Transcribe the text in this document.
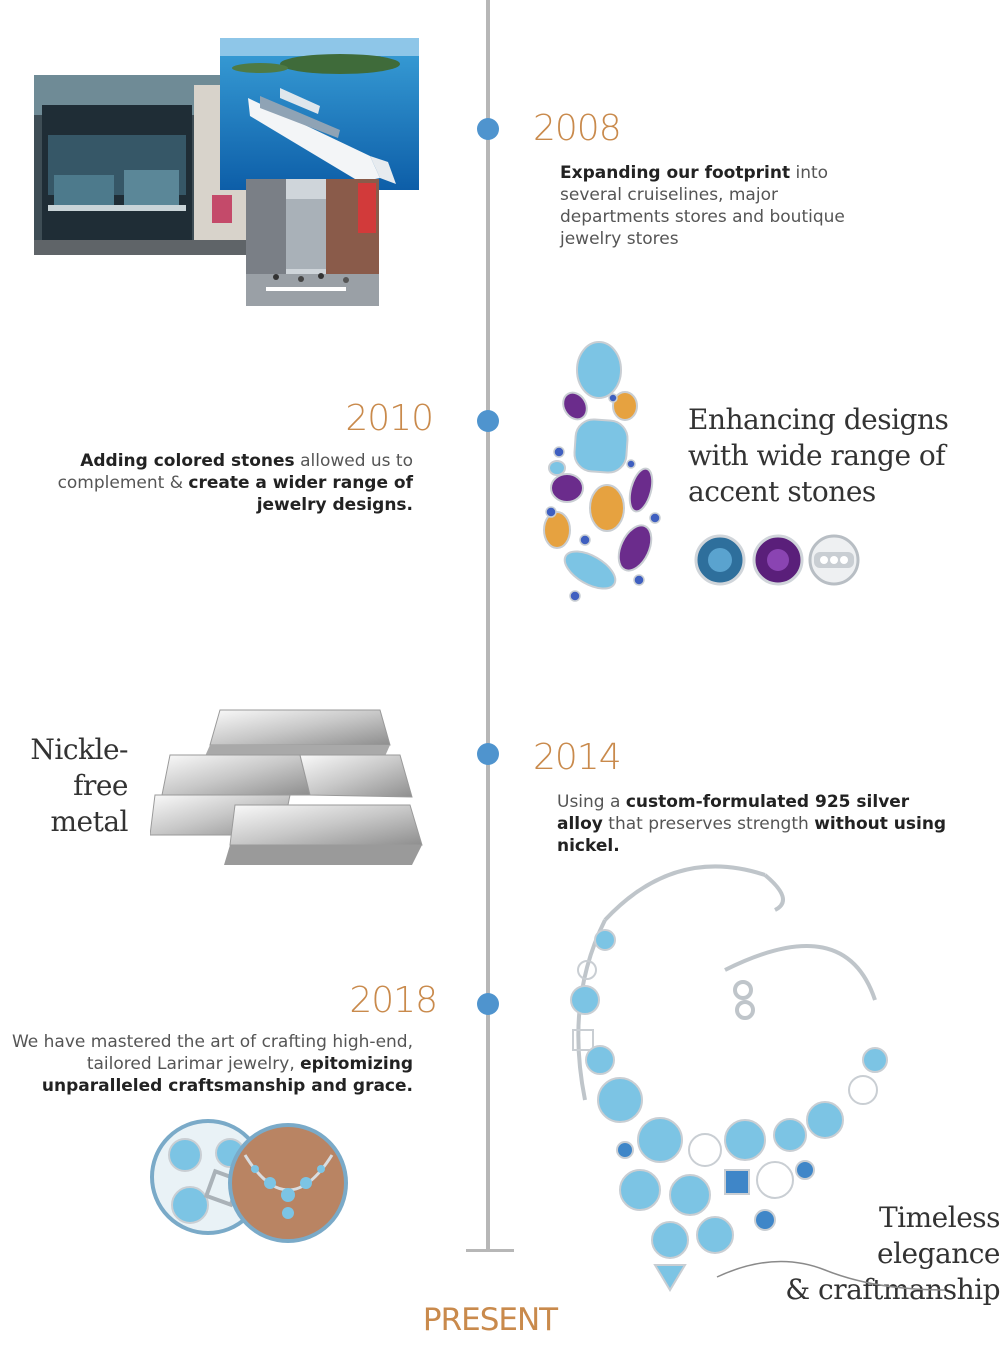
2008
Expanding our footprint into several cruiselines, major departments stores and boutique jewelry stores
2010
Adding colored stones allowed us to complement & create a wider range of jewelry designs.
Enhancing designs
with wide range of
accent stones
Nickle-free
metal
2014
Using a custom-formulated 925 silver alloy that preserves strength without using nickel.
2018
We have mastered the art of crafting high-end, tailored Larimar jewelry, epitomizing unparalleled craftsmanship and grace.
Timeless elegance
& craftmanship
PRESENT
